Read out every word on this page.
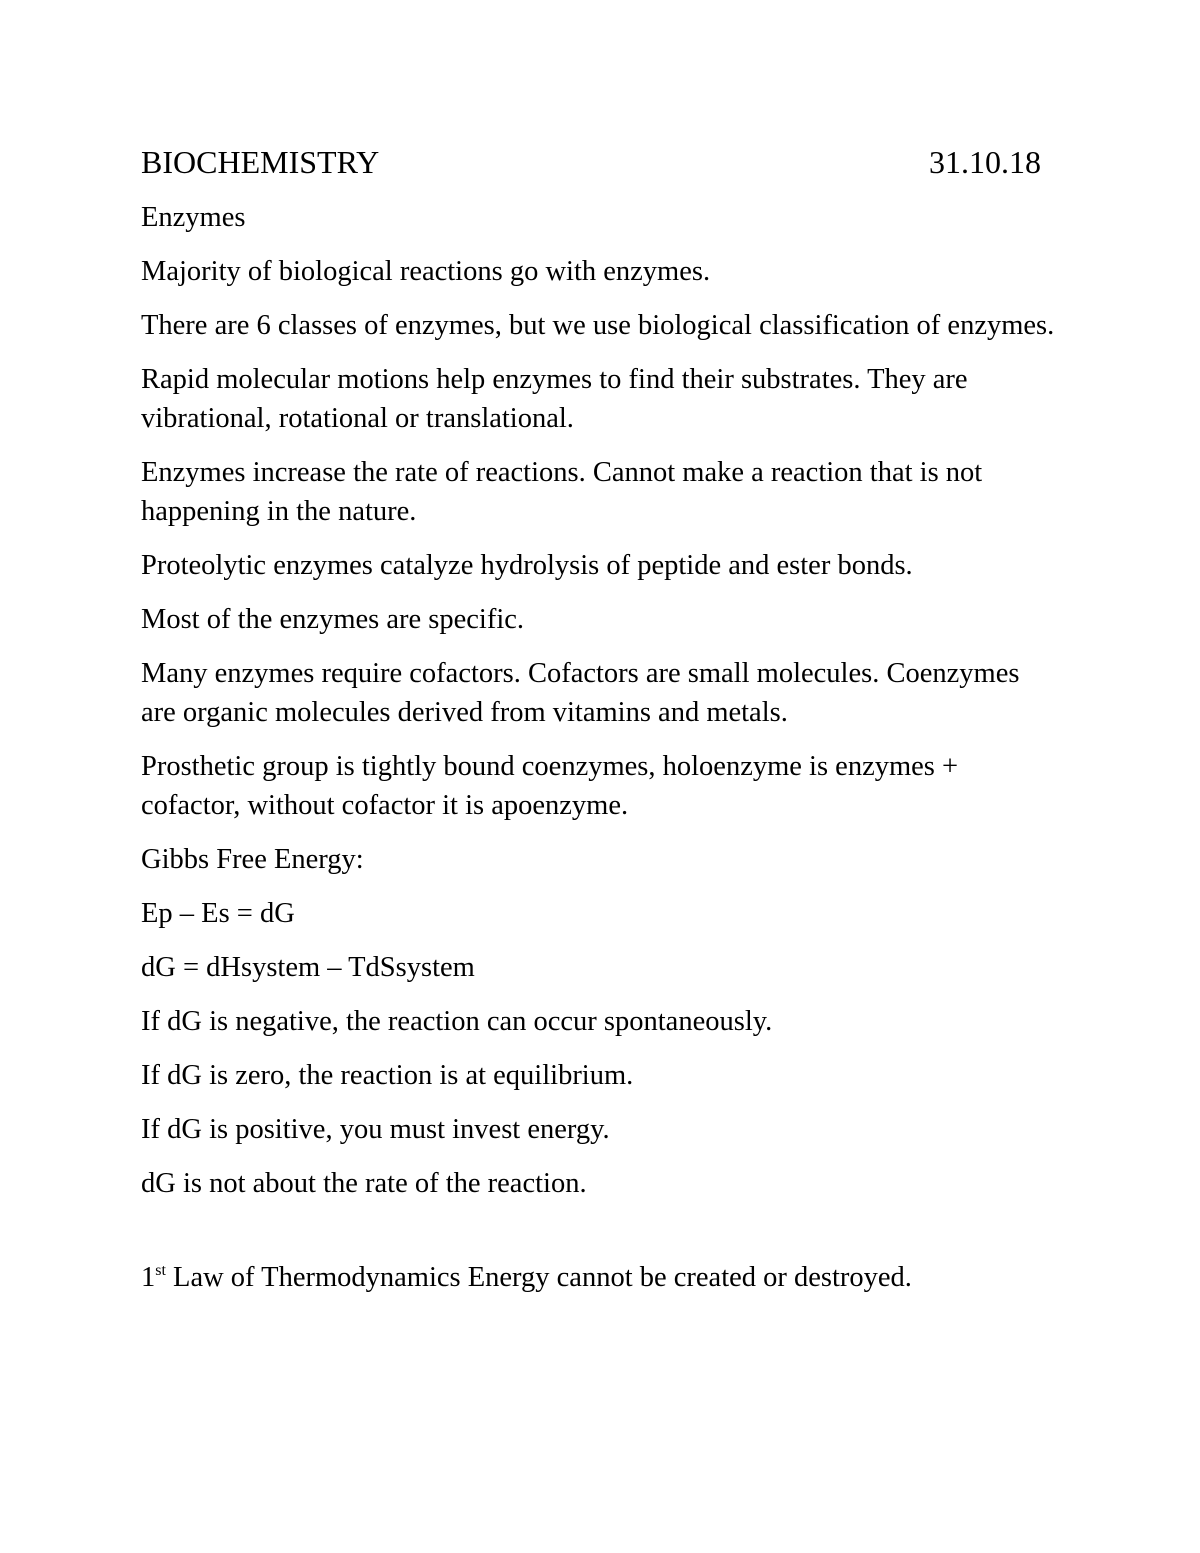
BIOCHEMISTRY	31.10.18

Enzymes

Majority of biological reactions go with enzymes.

There are 6 classes of enzymes, but we use biological classification of enzymes.

Rapid molecular motions help enzymes to find their substrates. They are vibrational, rotational or translational.

Enzymes increase the rate of reactions. Cannot make a reaction that is not happening in the nature.

Proteolytic enzymes catalyze hydrolysis of peptide and ester bonds.

Most of the enzymes are specific.

Many enzymes require cofactors. Cofactors are small molecules. Coenzymes are organic molecules derived from vitamins and metals.

Prosthetic group is tightly bound coenzymes, holoenzyme is enzymes + cofactor, without cofactor it is apoenzyme.

Gibbs Free Energy:

Ep – Es = dG

dG = dHsystem – TdSsystem

If dG is negative, the reaction can occur spontaneously.

If dG is zero, the reaction is at equilibrium.

If dG is positive, you must invest energy.

dG is not about the rate of the reaction.

1st Law of Thermodynamics Energy cannot be created or destroyed.
